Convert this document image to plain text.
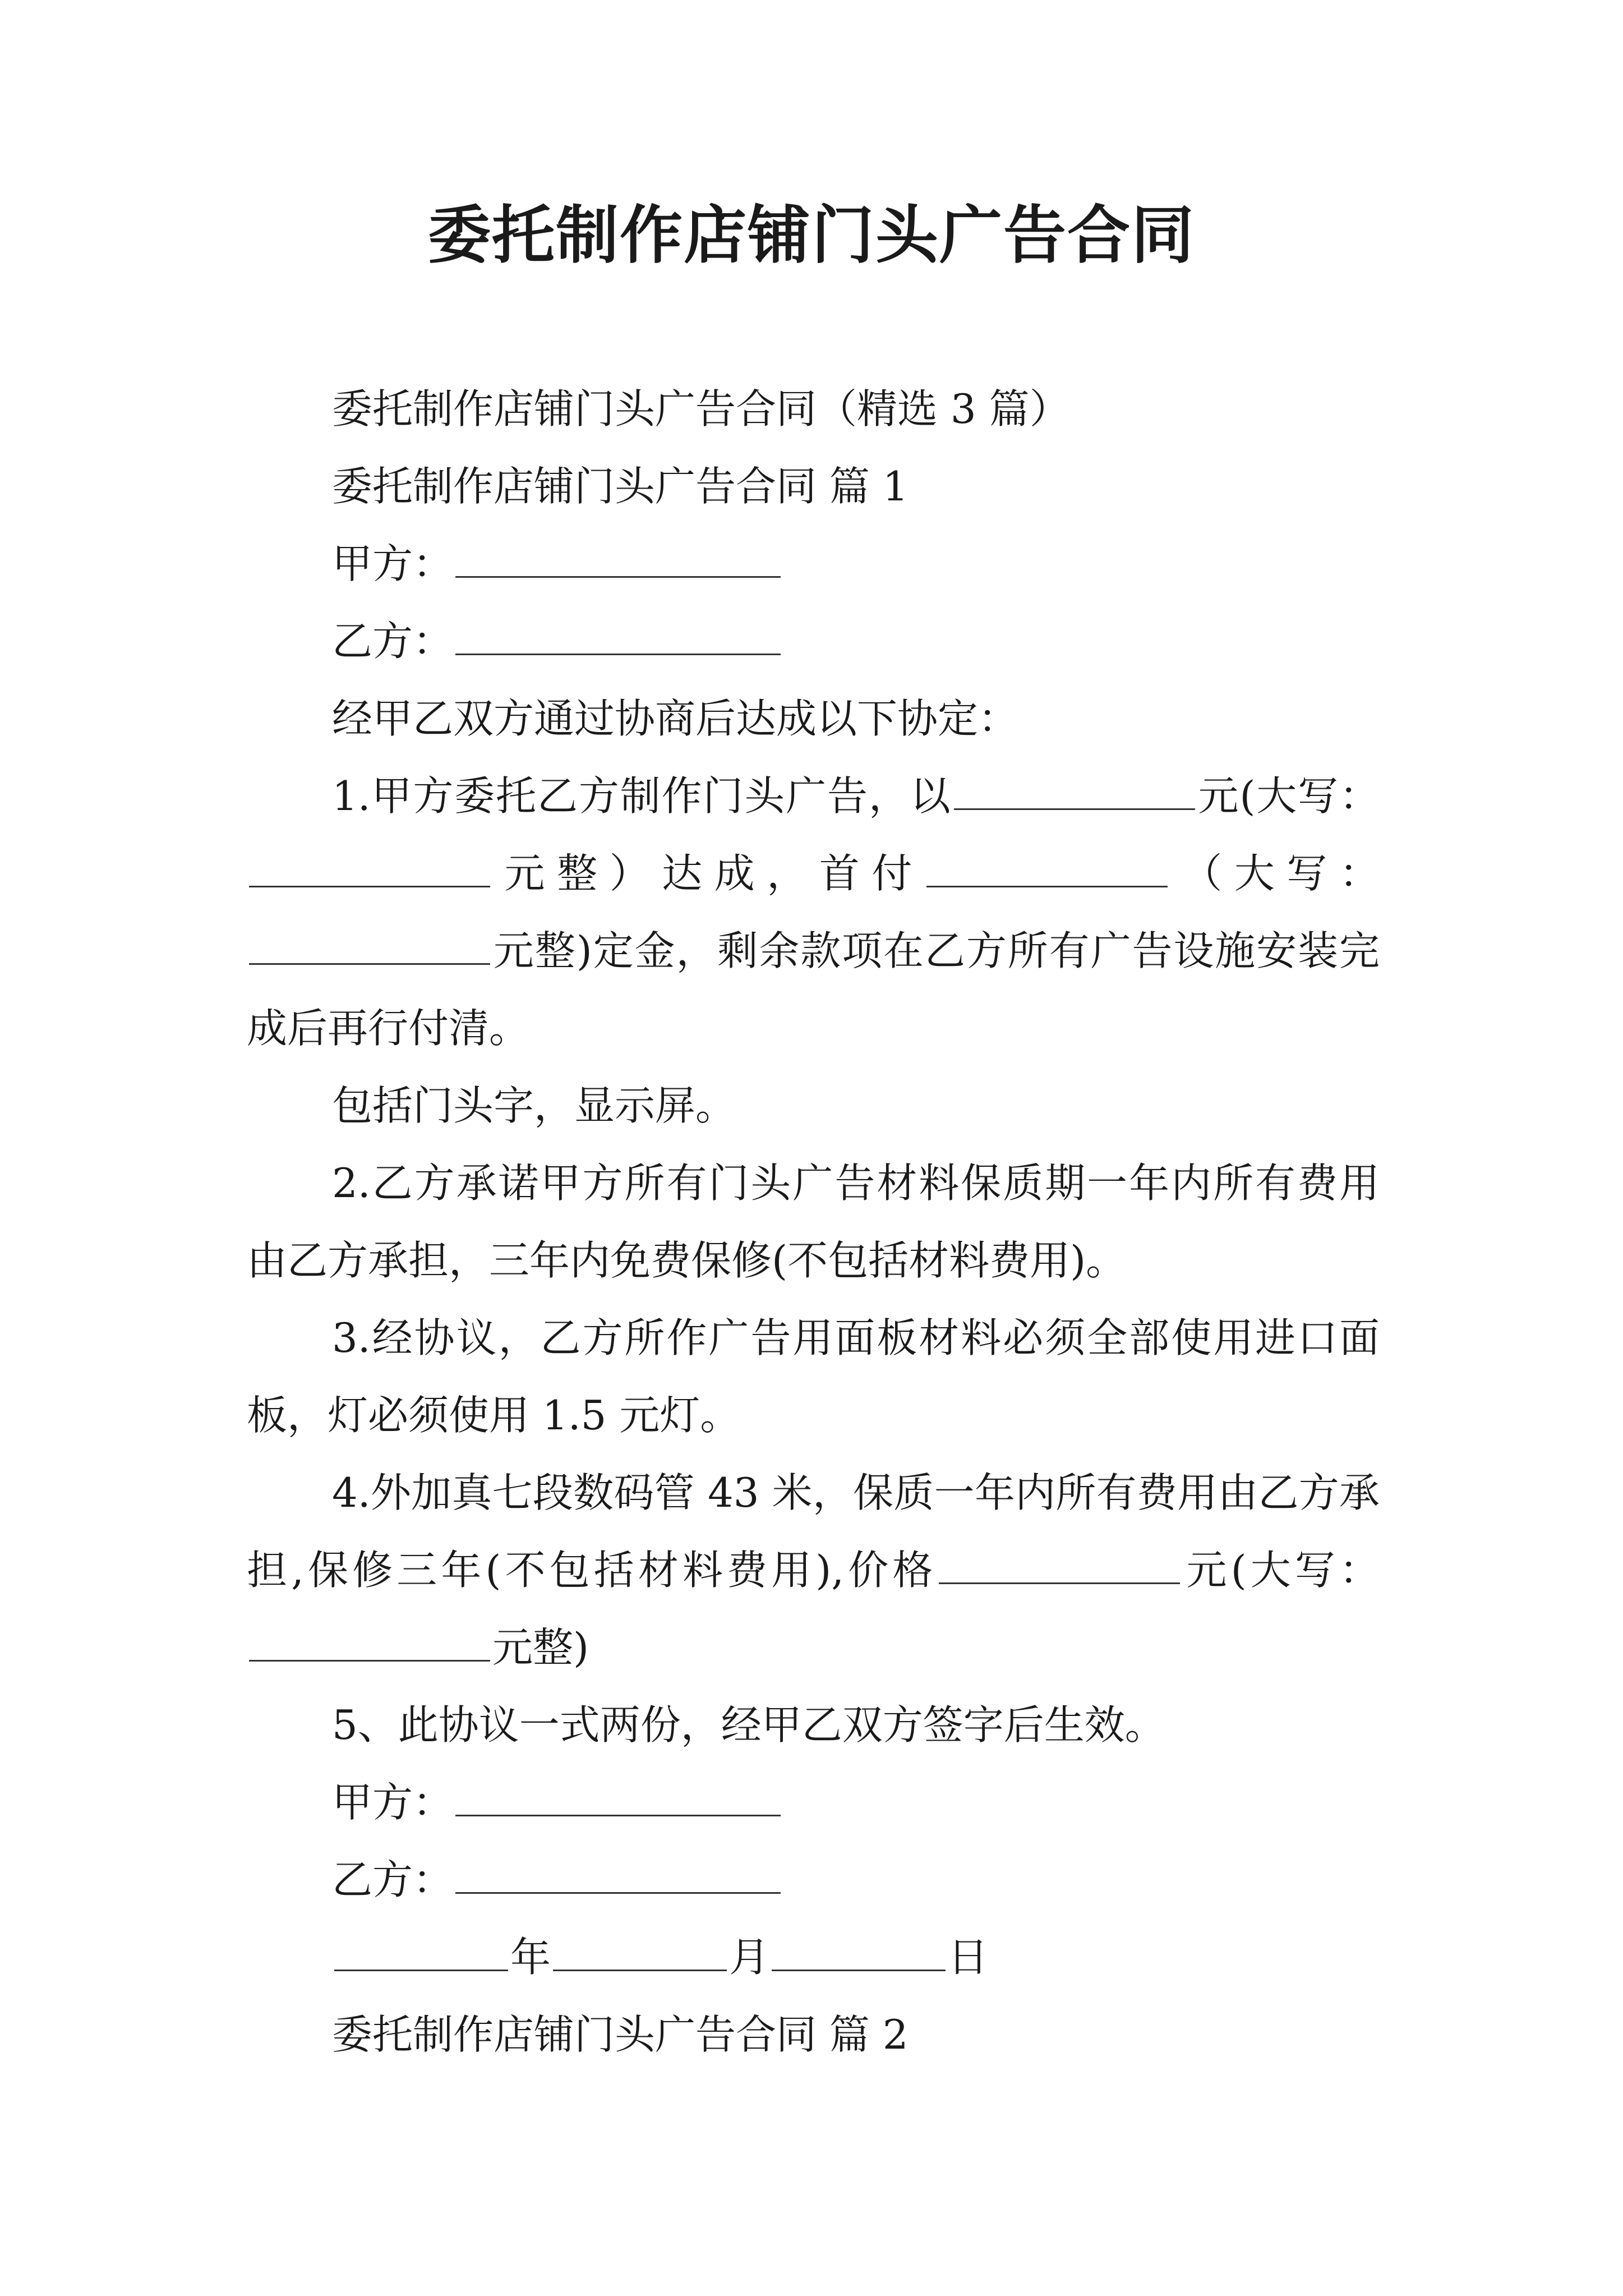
委托制作店铺门头广告合同

委托制作店铺门头广告合同（精选 3 篇）

委托制作店铺门头广告合同 篇 1

甲方：

乙方：

经甲乙双方通过协商后达成以下协定：

1.甲方委托乙方制作门头广告，以	元(大写：元整）达成，首付	（大写：元整)定金，剩余款项在乙方所有广告设施安装完成后再行付清。

包括门头字，显示屏。

2.乙方承诺甲方所有门头广告材料保质期一年内所有费用由乙方承担，三年内免费保修(不包括材料费用)。

3.经协议，乙方所作广告用面板材料必须全部使用进口面板，灯必须使用 1.5 元灯。

4.外加真七段数码管 43 米，保质一年内所有费用由乙方承担,保修三年(不包括材料费用),价格	元(大写：元整)

5、此协议一式两份，经甲乙双方签字后生效。

甲方：

乙方：

年	月	日

委托制作店铺门头广告合同 篇 2
